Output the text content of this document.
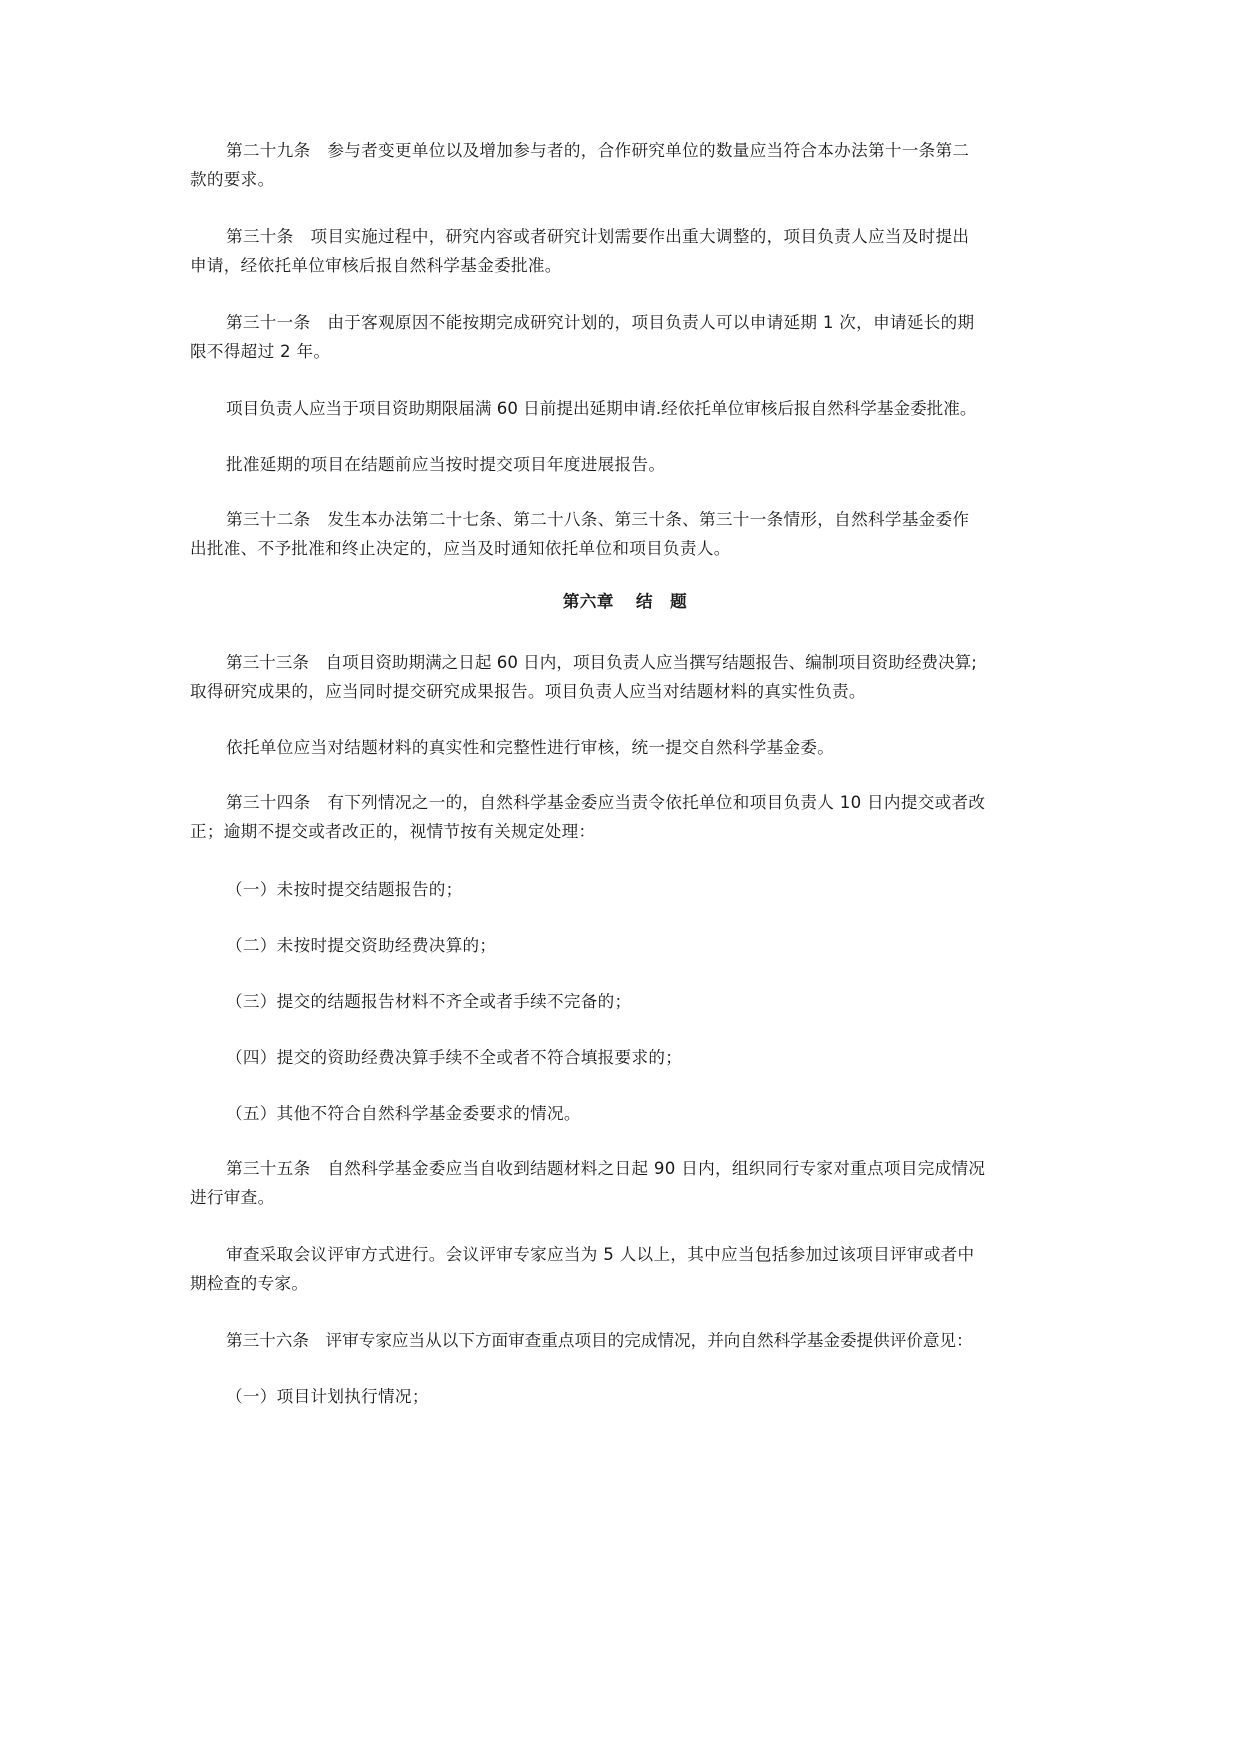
第二十九条　参与者变更单位以及增加参与者的，合作研究单位的数量应当符合本办法第十一条第二
款的要求。
第三十条　项目实施过程中，研究内容或者研究计划需要作出重大调整的，项目负责人应当及时提出
申请，经依托单位审核后报自然科学基金委批准。
第三十一条　由于客观原因不能按期完成研究计划的，项目负责人可以申请延期 1 次，申请延长的期
限不得超过 2 年。
项目负责人应当于项目资助期限届满 60 日前提出延期申请.经依托单位审核后报自然科学基金委批准。
批准延期的项目在结题前应当按时提交项目年度进展报告。
第三十二条　发生本办法第二十七条、第二十八条、第三十条、第三十一条情形，自然科学基金委作
出批准、不予批准和终止决定的，应当及时通知依托单位和项目负责人。
第六章 结　题
第三十三条　自项目资助期满之日起 60 日内，项目负责人应当撰写结题报告、编制项目资助经费决算;
取得研究成果的，应当同时提交研究成果报告。项目负责人应当对结题材料的真实性负责。
依托单位应当对结题材料的真实性和完整性进行审核，统一提交自然科学基金委。
第三十四条　有下列情况之一的，自然科学基金委应当责令依托单位和项目负责人 10 日内提交或者改
正；逾期不提交或者改正的，视情节按有关规定处理：
（一）未按时提交结题报告的；
（二）未按时提交资助经费决算的；
（三）提交的结题报告材料不齐全或者手续不完备的；
（四）提交的资助经费决算手续不全或者不符合填报要求的；
（五）其他不符合自然科学基金委要求的情况。
第三十五条　自然科学基金委应当自收到结题材料之日起 90 日内，组织同行专家对重点项目完成情况
进行审查。
审查采取会议评审方式进行。会议评审专家应当为 5 人以上，其中应当包括参加过该项目评审或者中
期检查的专家。
第三十六条　评审专家应当从以下方面审查重点项目的完成情况，并向自然科学基金委提供评价意见：
（一）项目计划执行情况；
